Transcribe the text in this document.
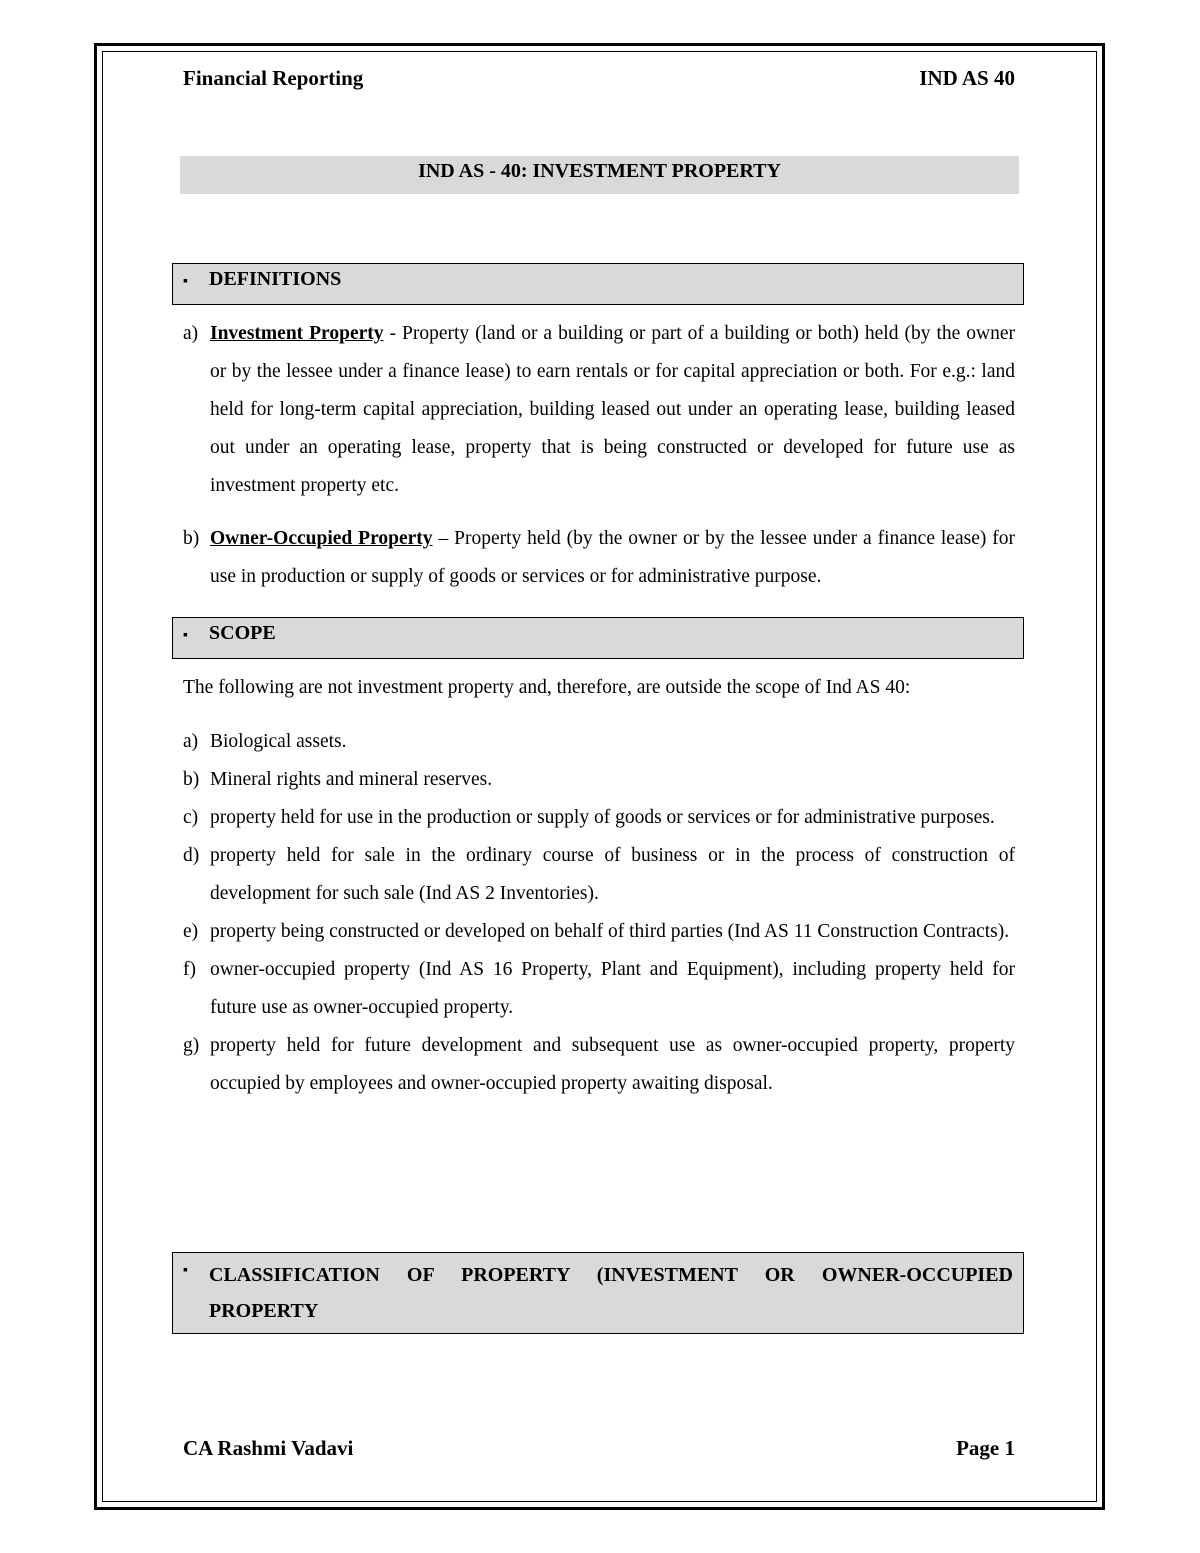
Financial Reporting	IND AS 40
IND AS - 40: INVESTMENT PROPERTY
▪ DEFINITIONS
a) Investment Property - Property (land or a building or part of a building or both) held (by the owner or by the lessee under a finance lease) to earn rentals or for capital appreciation or both. For e.g.: land held for long-term capital appreciation, building leased out under an operating lease, building leased out under an operating lease, property that is being constructed or developed for future use as investment property etc.
b) Owner-Occupied Property – Property held (by the owner or by the lessee under a finance lease) for use in production or supply of goods or services or for administrative purpose.
▪ SCOPE
The following are not investment property and, therefore, are outside the scope of Ind AS 40:
a) Biological assets.
b) Mineral rights and mineral reserves.
c) property held for use in the production or supply of goods or services or for administrative purposes.
d) property held for sale in the ordinary course of business or in the process of construction of development for such sale (Ind AS 2 Inventories).
e) property being constructed or developed on behalf of third parties (Ind AS 11 Construction Contracts).
f) owner-occupied property (Ind AS 16 Property, Plant and Equipment), including property held for future use as owner-occupied property.
g) property held for future development and subsequent use as owner-occupied property, property occupied by employees and owner-occupied property awaiting disposal.
▪ CLASSIFICATION OF PROPERTY (INVESTMENT OR OWNER-OCCUPIED PROPERTY
CA Rashmi Vadavi	Page 1
